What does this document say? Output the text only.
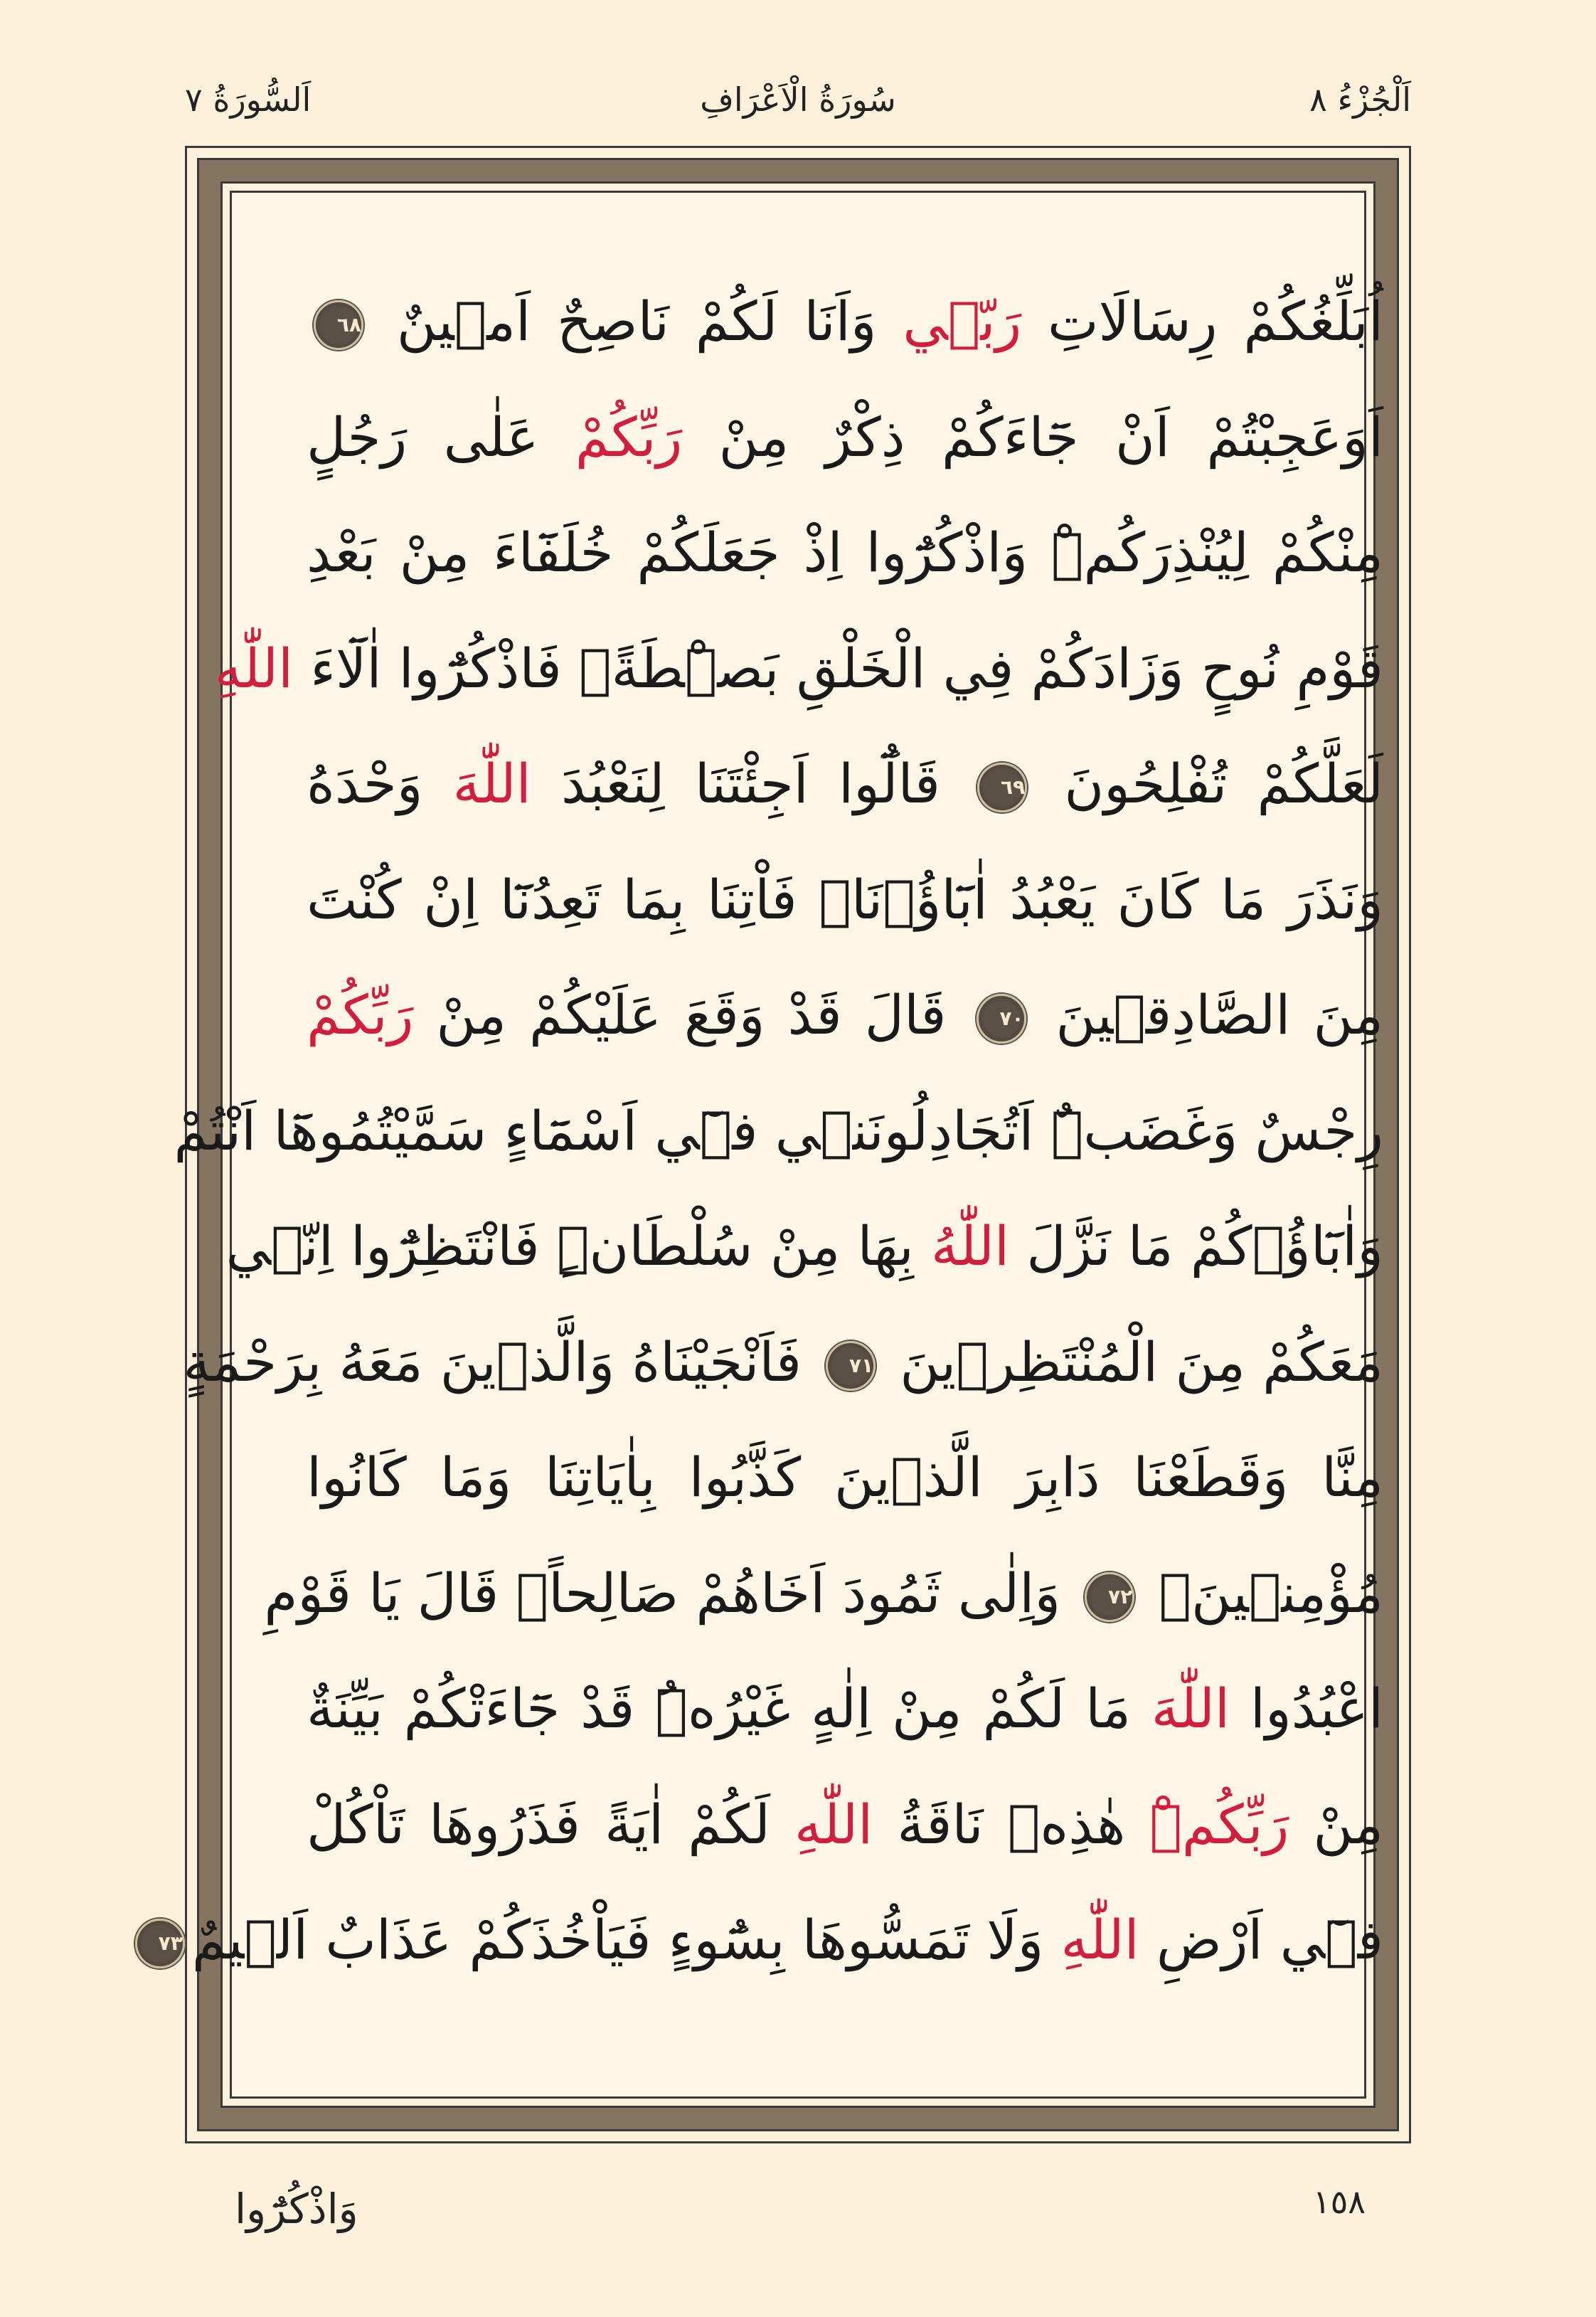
اَلْجُزْءُ ٨
سُورَةُ الْاَعْرَافِ
اَلسُّورَةُ ٧
اُبَلِّغُكُمْ رِسَالَاتِ رَبّ۪ي وَاَنَا لَكُمْ نَاصِحٌ اَم۪ينٌ ٦٨
اَوَعَجِبْتُمْ اَنْ جَٓاءَكُمْ ذِكْرٌ مِنْ رَبِّكُمْ عَلٰى رَجُلٍ
مِنْكُمْ لِيُنْذِرَكُمْۜ وَاذْكُرُٓوا اِذْ جَعَلَكُمْ خُلَفَٓاءَ مِنْ بَعْدِ
قَوْمِ نُوحٍ وَزَادَكُمْ فِي الْخَلْقِ بَصْۜطَةًۚ فَاذْكُرُٓوا اٰلَٓاءَ اللّٰهِ
لَعَلَّكُمْ تُفْلِحُونَ ٦٩ قَالُٓوا اَجِئْتَنَا لِنَعْبُدَ اللّٰهَ وَحْدَهُ
وَنَذَرَ مَا كَانَ يَعْبُدُ اٰبَٓاؤُ۬نَاۚ فَاْتِنَا بِمَا تَعِدُنَٓا اِنْ كُنْتَ
مِنَ الصَّادِق۪ينَ ٧٠ قَالَ قَدْ وَقَعَ عَلَيْكُمْ مِنْ رَبِّكُمْ
رِجْسٌ وَغَضَبٌۜ اَتُجَادِلُونَن۪ي ف۪ٓي اَسْمَٓاءٍ سَمَّيْتُمُوهَٓا اَنْتُمْ
وَاٰبَٓاؤُ۬كُمْ مَا نَزَّلَ اللّٰهُ بِهَا مِنْ سُلْطَانٍۜ فَانْتَظِرُٓوا اِنّ۪ي
مَعَكُمْ مِنَ الْمُنْتَظِر۪ينَ ٧١ فَاَنْجَيْنَاهُ وَالَّذ۪ينَ مَعَهُ بِرَحْمَةٍ
مِنَّا وَقَطَعْنَا دَابِرَ الَّذ۪ينَ كَذَّبُوا بِاٰيَاتِنَا وَمَا كَانُوا
مُؤْمِن۪ينَ۟ ٧٢ وَاِلٰى ثَمُودَ اَخَاهُمْ صَالِحاًۢ قَالَ يَا قَوْمِ
اعْبُدُوا اللّٰهَ مَا لَكُمْ مِنْ اِلٰهٍ غَيْرُهُۜ قَدْ جَٓاءَتْكُمْ بَيِّنَةٌ
مِنْ رَبِّكُمْۜ هٰذِه۪ نَاقَةُ اللّٰهِ لَكُمْ اٰيَةً فَذَرُوهَا تَاْكُلْ
ف۪ٓي اَرْضِ اللّٰهِ وَلَا تَمَسُّوهَا بِسُٓوءٍ فَيَاْخُذَكُمْ عَذَابٌ اَل۪يمٌ٧٣
١٥٨
وَاذْكُرُٓوا
